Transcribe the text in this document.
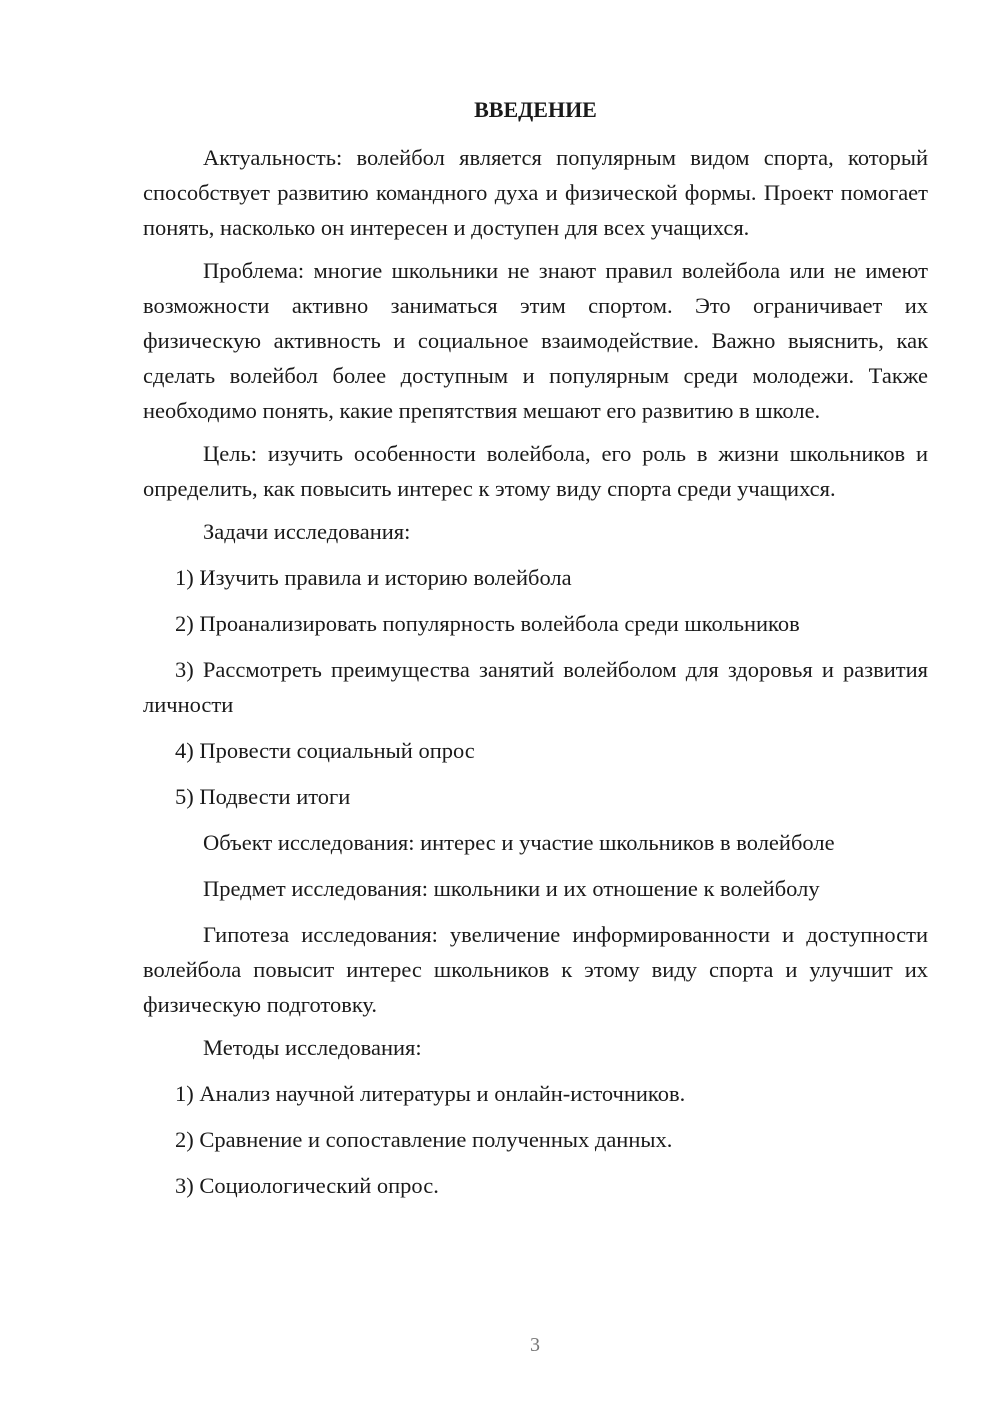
ВВЕДЕНИЕ

Актуальность: волейбол является популярным видом спорта, который способствует развитию командного духа и физической формы. Проект помогает понять, насколько он интересен и доступен для всех учащихся.

Проблема: многие школьники не знают правил волейбола или не имеют возможности активно заниматься этим спортом. Это ограничивает их физическую активность и социальное взаимодействие. Важно выяснить, как сделать волейбол более доступным и популярным среди молодежи. Также необходимо понять, какие препятствия мешают его развитию в школе.

Цель: изучить особенности волейбола, его роль в жизни школьников и определить, как повысить интерес к этому виду спорта среди учащихся.

Задачи исследования:

1) Изучить правила и историю волейбола

2) Проанализировать популярность волейбола среди школьников

3) Рассмотреть преимущества занятий волейболом для здоровья и развития личности

4) Провести социальный опрос

5) Подвести итоги

Объект исследования: интерес и участие школьников в волейболе

Предмет исследования: школьники и их отношение к волейболу

Гипотеза исследования: увеличение информированности и доступности волейбола повысит интерес школьников к этому виду спорта и улучшит их физическую подготовку.

Методы исследования:

1) Анализ научной литературы и онлайн-источников.

2) Сравнение и сопоставление полученных данных.

3) Социологический опрос.

3
